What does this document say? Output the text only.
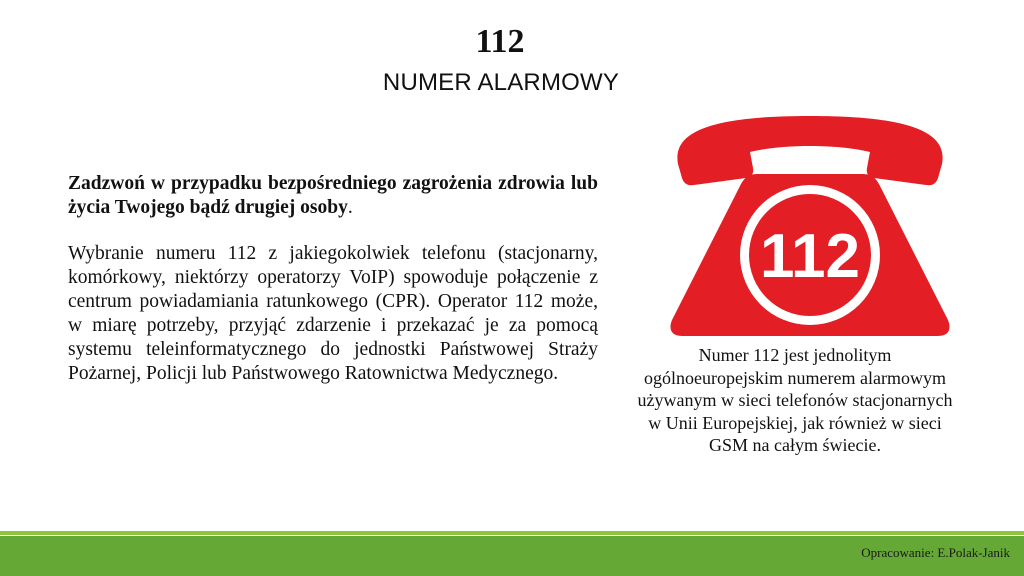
112
NUMER ALARMOWY

Zadzwoń w przypadku bezpośredniego zagrożenia zdrowia lub życia Twojego bądź drugiej osoby.

Wybranie numeru 112 z jakiegokolwiek telefonu (stacjonarny, komórkowy, niektórzy operatorzy VoIP) spowoduje połączenie z centrum powiadamiania ratunkowego (CPR). Operator 112 może, w miarę potrzeby, przyjąć zdarzenie i przekazać je za pomocą systemu teleinformatycznego do jednostki Państwowej Straży Pożarnej, Policji lub Państwowego Ratownictwa Medycznego.

112
Numer 112 jest jednolitym ogólnoeuropejskim numerem alarmowym używanym w sieci telefonów stacjonarnych w Unii Europejskiej, jak również w sieci GSM na całym świecie.
Opracowanie: E.Polak-Janik
